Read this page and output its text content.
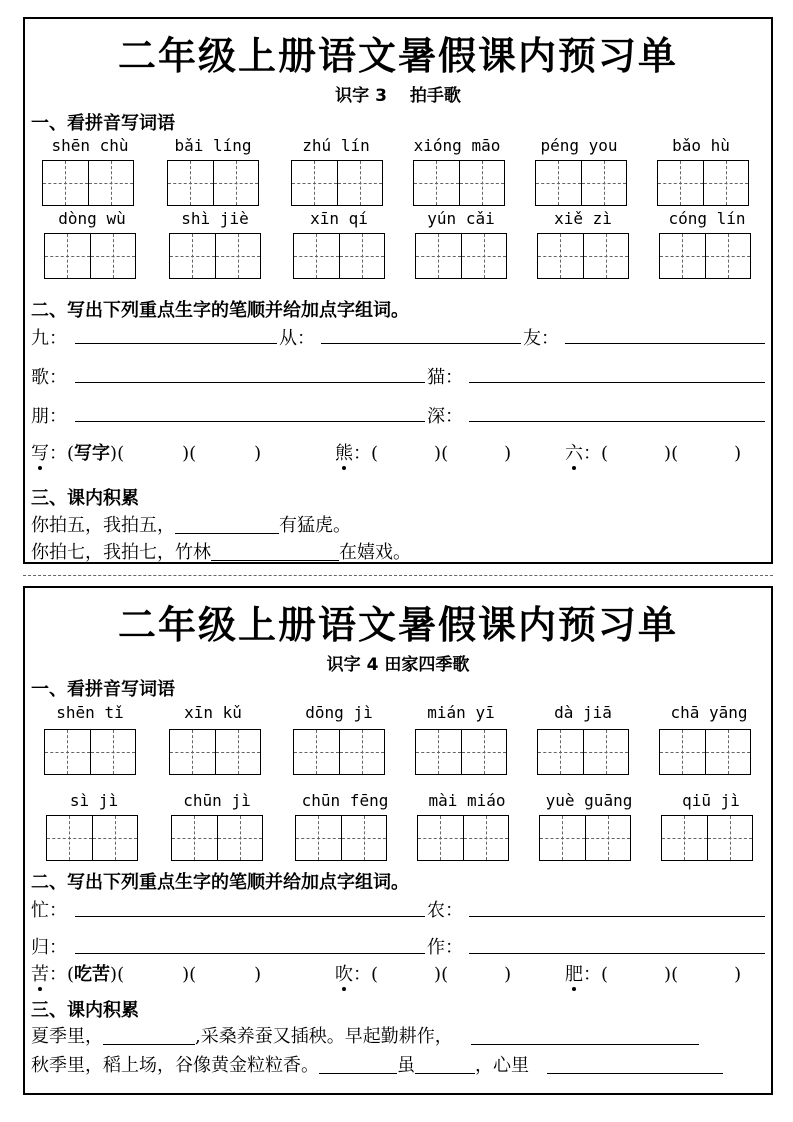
二年级上册语文暑假课内预习单
识字 3　 拍手歌
一、看拼音写词语
shēn chù	bǎi líng	zhú lín	xióng māo	péng you	bǎo hù
dòng wù	shì jiè	xīn qí	yún cǎi	xiě zì	cóng lín
二、写出下列重点生字的笔顺并给加点字组词。
九：	从：	友：
歌：	猫：
朋：	深：
写：(写字)(	)(	)	熊：(	)(	)	六：(	)(	)
三、课内积累
你拍五，我拍五，	有猛虎。
你拍七，我拍七，竹林	在嬉戏。
二年级上册语文暑假课内预习单
识字 4 田家四季歌
一、看拼音写词语
shēn tǐ	xīn kǔ	dōng jì	mián yī	dà jiā	chā yāng
sì jì	chūn jì	chūn fēng	mài miáo	yuè guāng	qiū jì
二、写出下列重点生字的笔顺并给加点字组词。
忙：	农：
归：	作：
苦：(吃苦)(	)(	)	吹：(	)(	)	肥：(	)(	)
三、课内积累
夏季里，	,采桑养蚕又插秧。早起勤耕作，
秋季里，稻上场，谷像黄金粒粒香。	虽	，心里
